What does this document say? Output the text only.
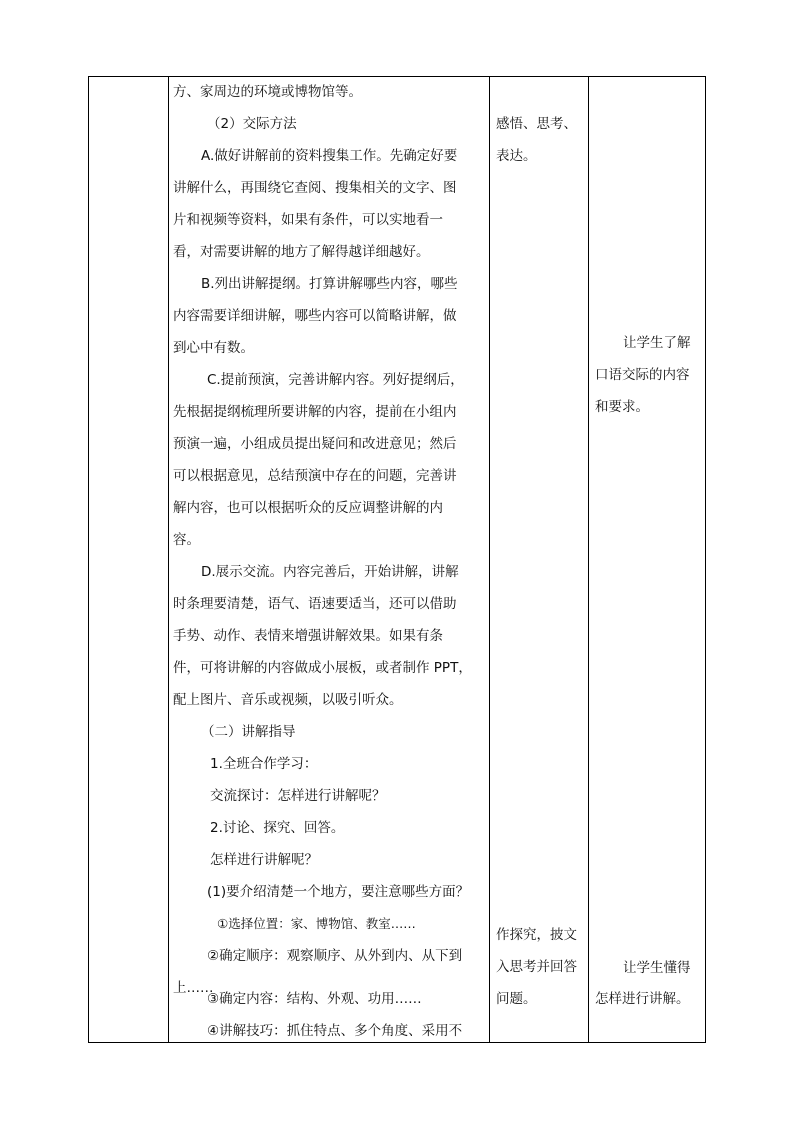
方、家周边的环境或博物馆等。
（2）交际方法
A.做好讲解前的资料搜集工作。先确定好要
讲解什么，再围绕它查阅、搜集相关的文字、图
片和视频等资料，如果有条件，可以实地看一
看，对需要讲解的地方了解得越详细越好。
B.列出讲解提纲。打算讲解哪些内容，哪些
内容需要详细讲解，哪些内容可以简略讲解，做
到心中有数。
C.提前预演，完善讲解内容。列好提纲后，
先根据提纲梳理所要讲解的内容，提前在小组内
预演一遍，小组成员提出疑问和改进意见；然后
可以根据意见，总结预演中存在的问题，完善讲
解内容，也可以根据听众的反应调整讲解的内
容。
D.展示交流。内容完善后，开始讲解，讲解
时条理要清楚，语气、语速要适当，还可以借助
手势、动作、表情来增强讲解效果。如果有条
件，可将讲解的内容做成小展板，或者制作 PPT，
配上图片、音乐或视频，以吸引听众。
（二）讲解指导
1.全班合作学习：
交流探讨：怎样进行讲解呢？
2.讨论、探究、回答。
怎样进行讲解呢？
(1)要介绍清楚一个地方，要注意哪些方面？
①选择位置：家、博物馆、教室……
②确定顺序：观察顺序、从外到内、从下到
上……
③确定内容：结构、外观、功用……
④讲解技巧：抓住特点、多个角度、采用不
感悟、思考、
表达。
作探究，披文
入思考并回答
问题。
让学生了解
口语交际的内容
和要求。
让学生懂得
怎样进行讲解。
